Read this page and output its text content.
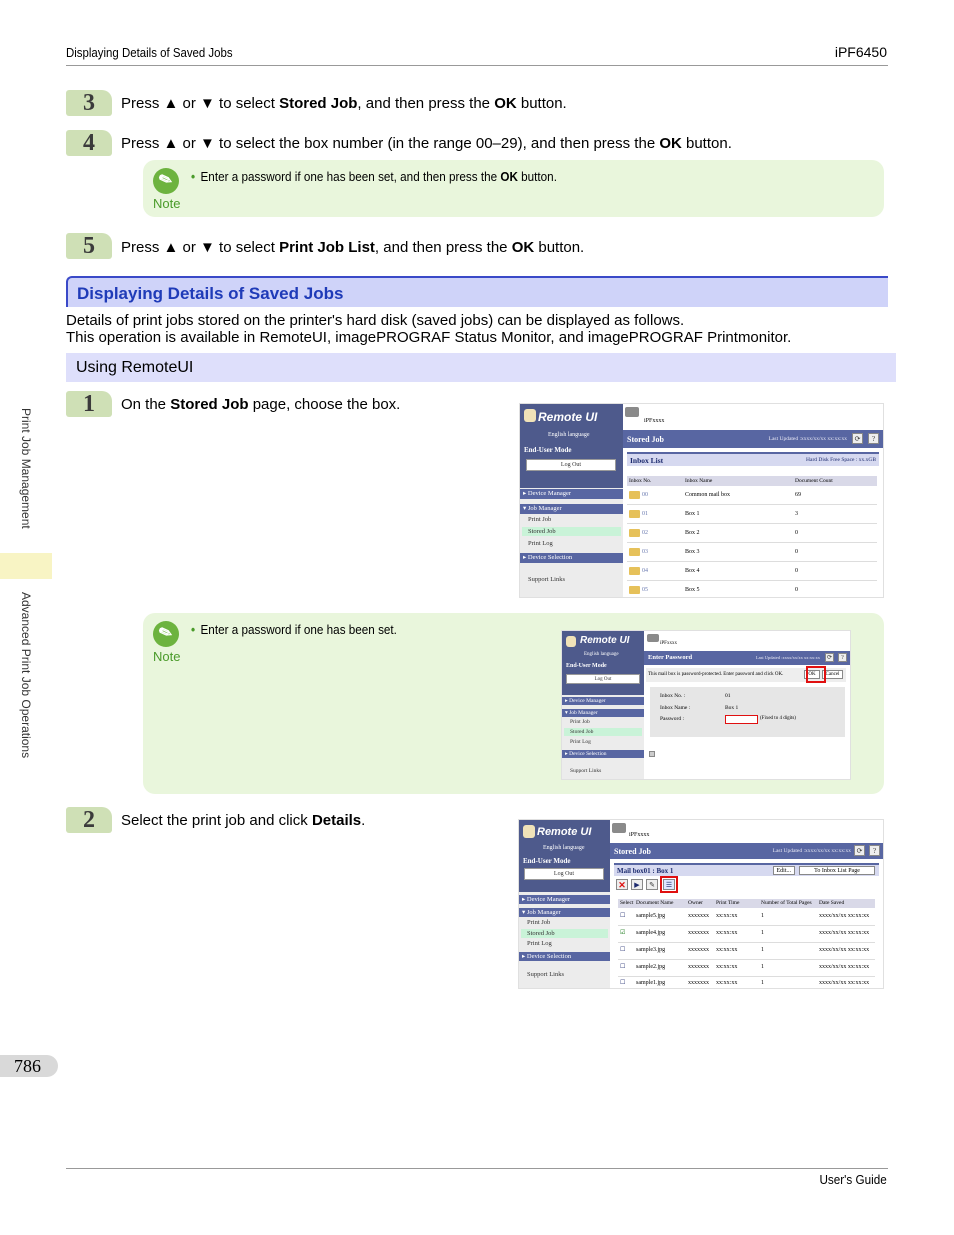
Displaying Details of Saved Jobs	iPF6450
3	Press ▲ or ▼ to select Stored Job, and then press the OK button.
4	Press ▲ or ▼ to select the box number (in the range 00–29), and then press the OK button.
✎
Note
• Enter a password if one has been set, and then press the OK button.
5	Press ▲ or ▼ to select Print Job List, and then press the OK button.
Displaying Details of Saved Jobs
Details of print jobs stored on the printer's hard disk (saved jobs) can be displayed as follows.
This operation is available in RemoteUI, imagePROGRAF Status Monitor, and imagePROGRAF Printmonitor.
Using RemoteUI
Print Job Management
Advanced Print Job Operations
1	On the Stored Job page, choose the box.
Remote UI
English language
End-User Mode
Log Out
▸ Device Manager
▾ Job Manager
Print Job
Stored Job
Print Log
▸ Device Selection
Support Links
iPFxxxx
Stored Job	Last Updated :xxxx/xx/xx xx:xx:xx	⟳	?
Inbox List	Hard Disk Free Space : xx.xGB
Inbox No.	Inbox Name	Document Count
00	Common mail box	69
01	Box 1	3
02	Box 2	0
03	Box 3	0
04	Box 4	0
05	Box 5	0
✎
Note
• Enter a password if one has been set.
Remote UI
English language
End-User Mode
Log Out
▸ Device Manager
▾ Job Manager
Print Job
Stored Job
Print Log
▸ Device Selection
Support Links
iPFxxxx
Enter Password	Last Updated :xxxx/xx/xx xx:xx:xx	⟳	?
This mail box is password-protected. Enter password and click OK.	OK	Cancel
Inbox No. :	01
Inbox Name :	Box 1
Password :	(Fixed to 4 digits)
2	Select the print job and click Details.
Remote UI
English language
End-User Mode
Log Out
▸ Device Manager
▾ Job Manager
Print Job
Stored Job
Print Log
▸ Device Selection
Support Links
iPFxxxx
Stored Job	Last Updated :xxxx/xx/xx xx:xx:xx ⟳	?
Mail box01 : Box 1	Edit...	To Inbox List Page
✕	▶	✎	☰
Select Document Name	Owner Print Time	Number of Total Pages Date Saved
☐ sample5.jpg	xxxxxxx xx:xx:xx	1	xxxx/xx/xx xx:xx:xx
☑ sample4.jpg	xxxxxxx xx:xx:xx	1	xxxx/xx/xx xx:xx:xx
☐ sample3.jpg	xxxxxxx xx:xx:xx	1	xxxx/xx/xx xx:xx:xx
☐ sample2.jpg	xxxxxxx xx:xx:xx	1	xxxx/xx/xx xx:xx:xx
☐ sample1.jpg	xxxxxxx xx:xx:xx	1	xxxx/xx/xx xx:xx:xx
786
User's Guide
